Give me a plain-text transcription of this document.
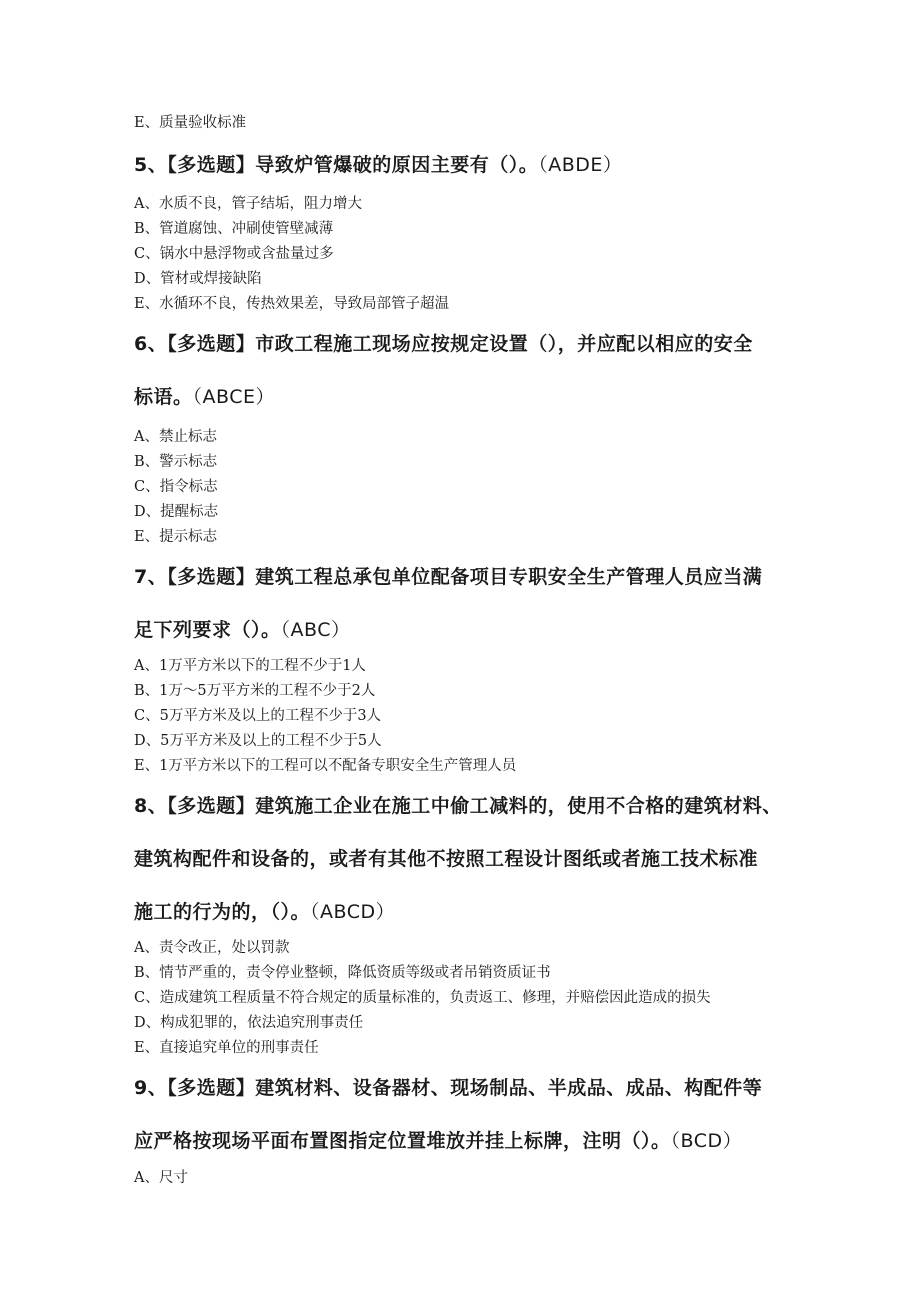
E、质量验收标准
5、【多选题】导致炉管爆破的原因主要有（）。（ABDE）
A、水质不良，管子结垢，阻力增大
B、管道腐蚀、冲刷使管壁减薄
C、锅水中悬浮物或含盐量过多
D、管材或焊接缺陷
E、水循环不良，传热效果差，导致局部管子超温
6、【多选题】市政工程施工现场应按规定设置（），并应配以相应的安全
标语。（ABCE）
A、禁止标志
B、警示标志
C、指令标志
D、提醒标志
E、提示标志
7、【多选题】建筑工程总承包单位配备项目专职安全生产管理人员应当满
足下列要求（）。（ABC）
A、1万平方米以下的工程不少于1人
B、1万～5万平方米的工程不少于2人
C、5万平方米及以上的工程不少于3人
D、5万平方米及以上的工程不少于5人
E、1万平方米以下的工程可以不配备专职安全生产管理人员
8、【多选题】建筑施工企业在施工中偷工减料的，使用不合格的建筑材料、
建筑构配件和设备的，或者有其他不按照工程设计图纸或者施工技术标准
施工的行为的，（）。（ABCD）
A、责令改正，处以罚款
B、情节严重的，责令停业整顿，降低资质等级或者吊销资质证书
C、造成建筑工程质量不符合规定的质量标准的，负责返工、修理，并赔偿因此造成的损失
D、构成犯罪的，依法追究刑事责任
E、直接追究单位的刑事责任
9、【多选题】建筑材料、设备器材、现场制品、半成品、成品、构配件等
应严格按现场平面布置图指定位置堆放并挂上标牌，注明（）。（BCD）
A、尺寸
